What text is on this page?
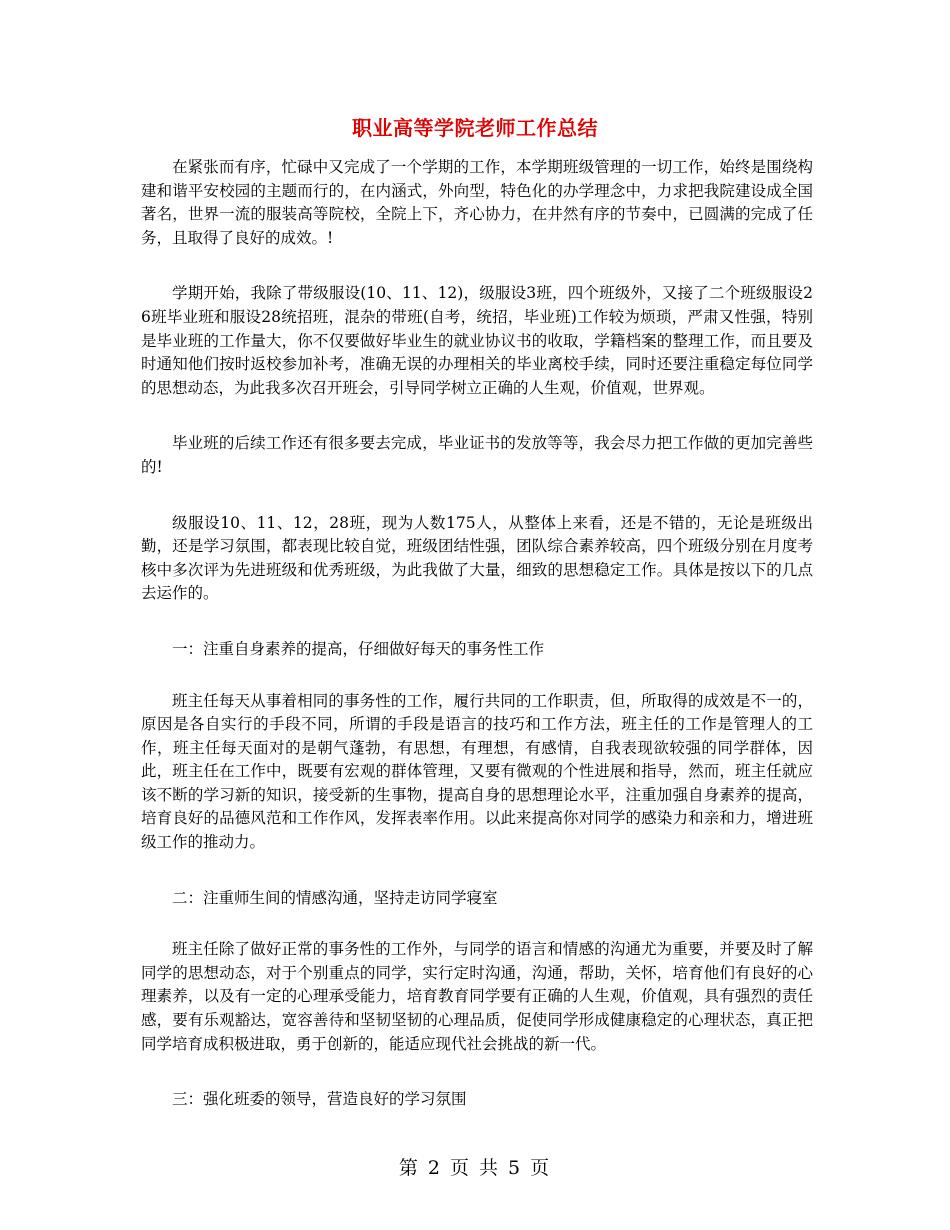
职业高等学院老师工作总结

在紧张而有序，忙碌中又完成了一个学期的工作，本学期班级管理的一切工作，始终是围绕构建和谐平安校园的主题而行的，在内涵式，外向型，特色化的办学理念中，力求把我院建设成全国著名，世界一流的服装高等院校，全院上下，齐心协力，在井然有序的节奏中，已圆满的完成了任务，且取得了良好的成效。!

学期开始，我除了带级服设(10、11、12)，级服设3班，四个班级外，又接了二个班级服设26班毕业班和服设28统招班，混杂的带班(自考，统招，毕业班)工作较为烦琐，严肃又性强，特别是毕业班的工作量大，你不仅要做好毕业生的就业协议书的收取，学籍档案的整理工作，而且要及时通知他们按时返校参加补考，准确无误的办理相关的毕业离校手续，同时还要注重稳定每位同学的思想动态，为此我多次召开班会，引导同学树立正确的人生观，价值观，世界观。

毕业班的后续工作还有很多要去完成，毕业证书的发放等等，我会尽力把工作做的更加完善些的!

级服设10、11、12，28班，现为人数175人，从整体上来看，还是不错的，无论是班级出勤，还是学习氛围，都表现比较自觉，班级团结性强，团队综合素养较高，四个班级分别在月度考核中多次评为先进班级和优秀班级，为此我做了大量，细致的思想稳定工作。具体是按以下的几点去运作的。

一：注重自身素养的提高，仔细做好每天的事务性工作

班主任每天从事着相同的事务性的工作，履行共同的工作职责，但，所取得的成效是不一的，原因是各自实行的手段不同，所谓的手段是语言的技巧和工作方法，班主任的工作是管理人的工作，班主任每天面对的是朝气蓬勃，有思想，有理想，有感情，自我表现欲较强的同学群体，因此，班主任在工作中，既要有宏观的群体管理，又要有微观的个性进展和指导，然而，班主任就应该不断的学习新的知识，接受新的生事物，提高自身的思想理论水平，注重加强自身素养的提高，培育良好的品德风范和工作作风，发挥表率作用。以此来提高你对同学的感染力和亲和力，增进班级工作的推动力。

二：注重师生间的情感沟通，坚持走访同学寝室

班主任除了做好正常的事务性的工作外，与同学的语言和情感的沟通尤为重要，并要及时了解同学的思想动态，对于个别重点的同学，实行定时沟通，沟通，帮助，关怀，培育他们有良好的心理素养，以及有一定的心理承受能力，培育教育同学要有正确的人生观，价值观，具有强烈的责任感，要有乐观豁达，宽容善待和坚韧坚韧的心理品质，促使同学形成健康稳定的心理状态，真正把同学培育成积极进取，勇于创新的，能适应现代社会挑战的新一代。

三：强化班委的领导，营造良好的学习氛围

第 2 页 共 5 页
